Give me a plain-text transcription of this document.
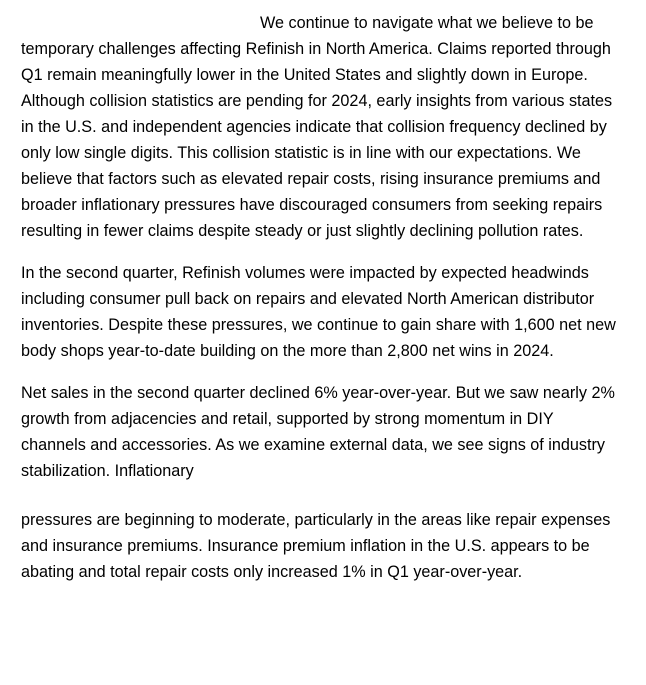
We continue to navigate what we believe to be temporary challenges affecting Refinish in North America. Claims reported through Q1 remain meaningfully lower in the United States and slightly down in Europe. Although collision statistics are pending for 2024, early insights from various states in the U.S. and independent agencies indicate that collision frequency declined by only low single digits. This collision statistic is in line with our expectations. We believe that factors such as elevated repair costs, rising insurance premiums and broader inflationary pressures have discouraged consumers from seeking repairs resulting in fewer claims despite steady or just slightly declining pollution rates.

In the second quarter, Refinish volumes were impacted by expected headwinds including consumer pull back on repairs and elevated North American distributor inventories. Despite these pressures, we continue to gain share with 1,600 net new body shops year-to-date building on the more than 2,800 net wins in 2024.

Net sales in the second quarter declined 6% year-over-year. But we saw nearly 2% growth from adjacencies and retail, supported by strong momentum in DIY channels and accessories. As we examine external data, we see signs of industry stabilization. Inflationary

pressures are beginning to moderate, particularly in the areas like repair expenses and insurance premiums. Insurance premium inflation in the U.S. appears to be abating and total repair costs only increased 1% in Q1 year-over-year.
